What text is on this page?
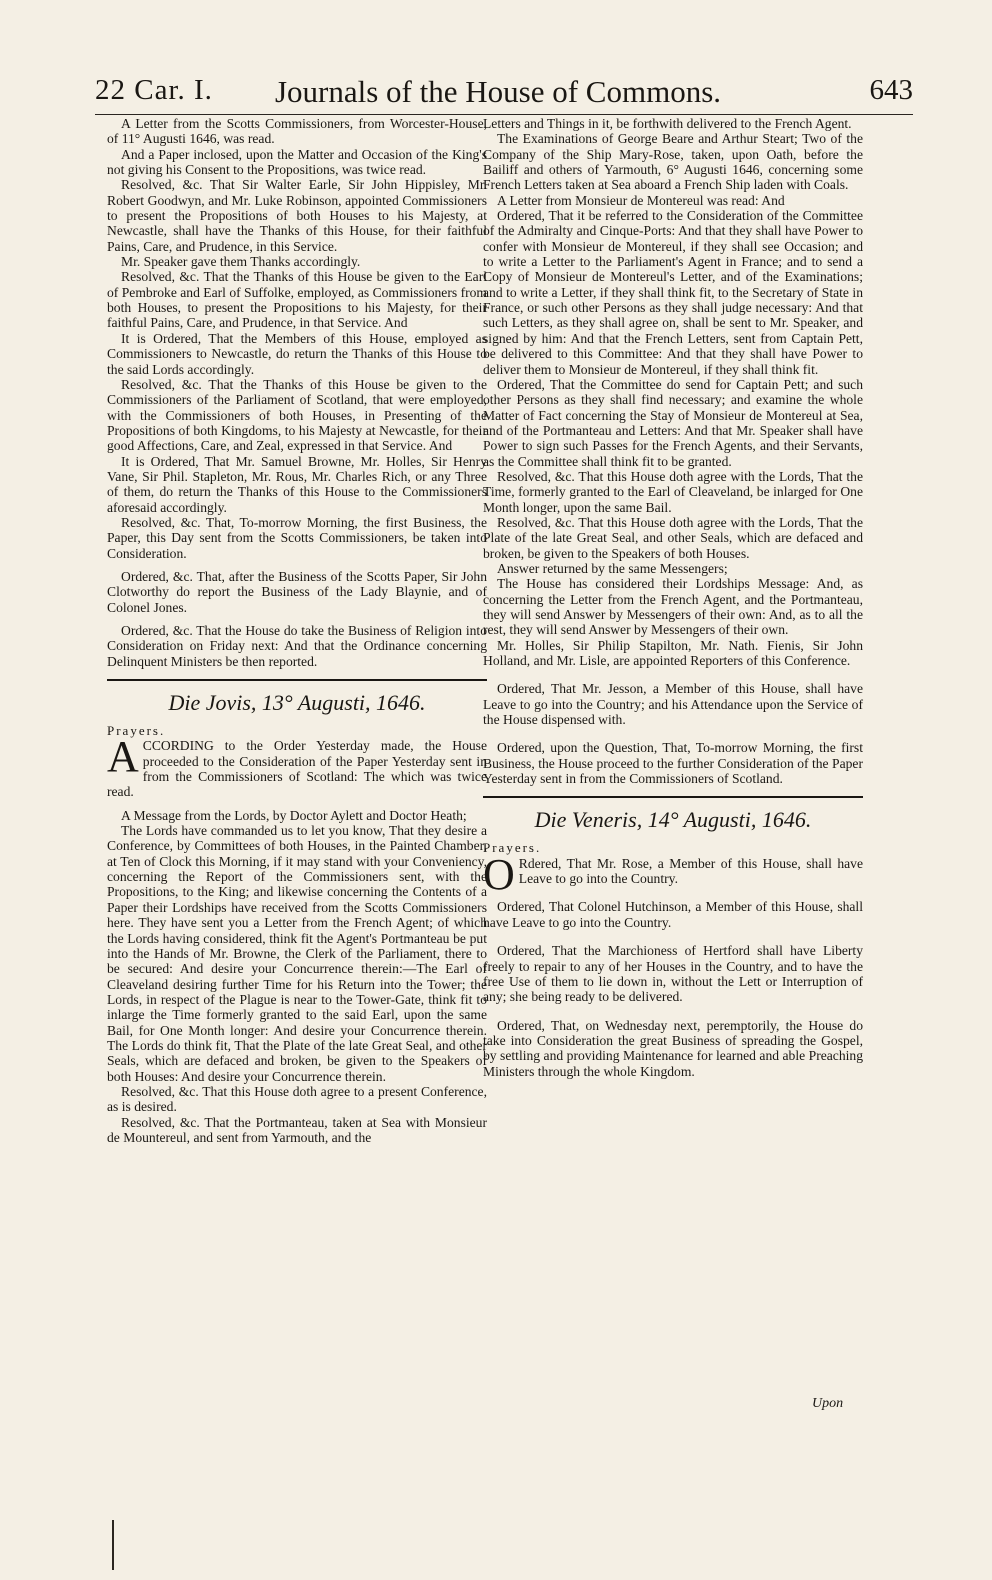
22 Car. I.	Journals of the House of Commons.	643

A Letter from the Scotts Commissioners, from Worcester-House, of 11° Augusti 1646, was read.

And a Paper inclosed, upon the Matter and Occasion of the King's not giving his Consent to the Propositions, was twice read.

Resolved, &c. That Sir Walter Earle, Sir John Hippisley, Mr. Robert Goodwyn, and Mr. Luke Robinson, appointed Commissioners to present the Propositions of both Houses to his Majesty, at Newcastle, shall have the Thanks of this House, for their faithful Pains, Care, and Prudence, in this Service.

Mr. Speaker gave them Thanks accordingly.

Resolved, &c. That the Thanks of this House be given to the Earl of Pembroke and Earl of Suffolke, employed, as Commissioners from both Houses, to present the Propositions to his Majesty, for their faithful Pains, Care, and Prudence, in that Service. And

It is Ordered, That the Members of this House, employed as Commissioners to Newcastle, do return the Thanks of this House to the said Lords accordingly.

Resolved, &c. That the Thanks of this House be given to the Commissioners of the Parliament of Scotland, that were employed, with the Commissioners of both Houses, in Presenting of the Propositions of both Kingdoms, to his Majesty at Newcastle, for their good Affections, Care, and Zeal, expressed in that Service. And

It is Ordered, That Mr. Samuel Browne, Mr. Holles, Sir Henry Vane, Sir Phil. Stapleton, Mr. Rous, Mr. Charles Rich, or any Three of them, do return the Thanks of this House to the Commissioners aforesaid accordingly.

Resolved, &c. That, To-morrow Morning, the first Business, the Paper, this Day sent from the Scotts Commissioners, be taken into Consideration.

Ordered, &c. That, after the Business of the Scotts Paper, Sir John Clotworthy do report the Business of the Lady Blaynie, and of Colonel Jones.

Ordered, &c. That the House do take the Business of Religion into Consideration on Friday next: And that the Ordinance concerning Delinquent Ministers be then reported.

Die Jovis, 13° Augusti, 1646.

Prayers.

ACCORDING to the Order Yesterday made, the House proceeded to the Consideration of the Paper Yesterday sent in from the Commissioners of Scotland: The which was twice read.

A Message from the Lords, by Doctor Aylett and Doctor Heath;

The Lords have commanded us to let you know, That they desire a Conference, by Committees of both Houses, in the Painted Chamber, at Ten of Clock this Morning, if it may stand with your Conveniency, concerning the Report of the Commissioners sent, with the Propositions, to the King; and likewise concerning the Contents of a Paper their Lordships have received from the Scotts Commissioners here. They have sent you a Letter from the French Agent; of which the Lords having considered, think fit the Agent's Portmanteau be put into the Hands of Mr. Browne, the Clerk of the Parliament, there to be secured: And desire your Concurrence therein:—The Earl of Cleaveland desiring further Time for his Return into the Tower; the Lords, in respect of the Plague is near to the Tower-Gate, think fit to inlarge the Time formerly granted to the said Earl, upon the same Bail, for One Month longer: And desire your Concurrence therein. The Lords do think fit, That the Plate of the late Great Seal, and other Seals, which are defaced and broken, be given to the Speakers of both Houses: And desire your Concurrence therein.

Resolved, &c. That this House doth agree to a present Conference, as is desired.

Resolved, &c. That the Portmanteau, taken at Sea with Monsieur de Mountereul, and sent from Yarmouth, and the

Letters and Things in it, be forthwith delivered to the French Agent.

The Examinations of George Beare and Arthur Steart; Two of the Company of the Ship Mary-Rose, taken, upon Oath, before the Bailiff and others of Yarmouth, 6° Augusti 1646, concerning some French Letters taken at Sea aboard a French Ship laden with Coals.

A Letter from Monsieur de Montereul was read: And

Ordered, That it be referred to the Consideration of the Committee of the Admiralty and Cinque-Ports: And that they shall have Power to confer with Monsieur de Montereul, if they shall see Occasion; and to write a Letter to the Parliament's Agent in France; and to send a Copy of Monsieur de Montereul's Letter, and of the Examinations; and to write a Letter, if they shall think fit, to the Secretary of State in France, or such other Persons as they shall judge necessary: And that such Letters, as they shall agree on, shall be sent to Mr. Speaker, and signed by him: And that the French Letters, sent from Captain Pett, be delivered to this Committee: And that they shall have Power to deliver them to Monsieur de Montereul, if they shall think fit.

Ordered, That the Committee do send for Captain Pett; and such other Persons as they shall find necessary; and examine the whole Matter of Fact concerning the Stay of Monsieur de Montereul at Sea, and of the Portmanteau and Letters: And that Mr. Speaker shall have Power to sign such Passes for the French Agents, and their Servants, as the Committee shall think fit to be granted.

Resolved, &c. That this House doth agree with the Lords, That the Time, formerly granted to the Earl of Cleaveland, be inlarged for One Month longer, upon the same Bail.

Resolved, &c. That this House doth agree with the Lords, That the Plate of the late Great Seal, and other Seals, which are defaced and broken, be given to the Speakers of both Houses.

Answer returned by the same Messengers;

The House has considered their Lordships Message: And, as concerning the Letter from the French Agent, and the Portmanteau, they will send Answer by Messengers of their own: And, as to all the rest, they will send Answer by Messengers of their own.

Mr. Holles, Sir Philip Stapilton, Mr. Nath. Fienis, Sir John Holland, and Mr. Lisle, are appointed Reporters of this Conference.

Ordered, That Mr. Jesson, a Member of this House, shall have Leave to go into the Country; and his Attendance upon the Service of the House dispensed with.

Ordered, upon the Question, That, To-morrow Morning, the first Business, the House proceed to the further Consideration of the Paper Yesterday sent in from the Commissioners of Scotland.

Die Veneris, 14° Augusti, 1646.

Prayers.

O Rdered, That Mr. Rose, a Member of this House, shall have Leave to go into the Country.

Ordered, That Colonel Hutchinson, a Member of this House, shall have Leave to go into the Country.

Ordered, That the Marchioness of Hertford shall have Liberty freely to repair to any of her Houses in the Country, and to have the free Use of them to lie down in, without the Lett or Interruption of any; she being ready to be delivered.

Ordered, That, on Wednesday next, peremptorily, the House do take into Consideration the great Business of spreading the Gospel, by settling and providing Maintenance for learned and able Preaching Ministers through the whole Kingdom.

Upon
